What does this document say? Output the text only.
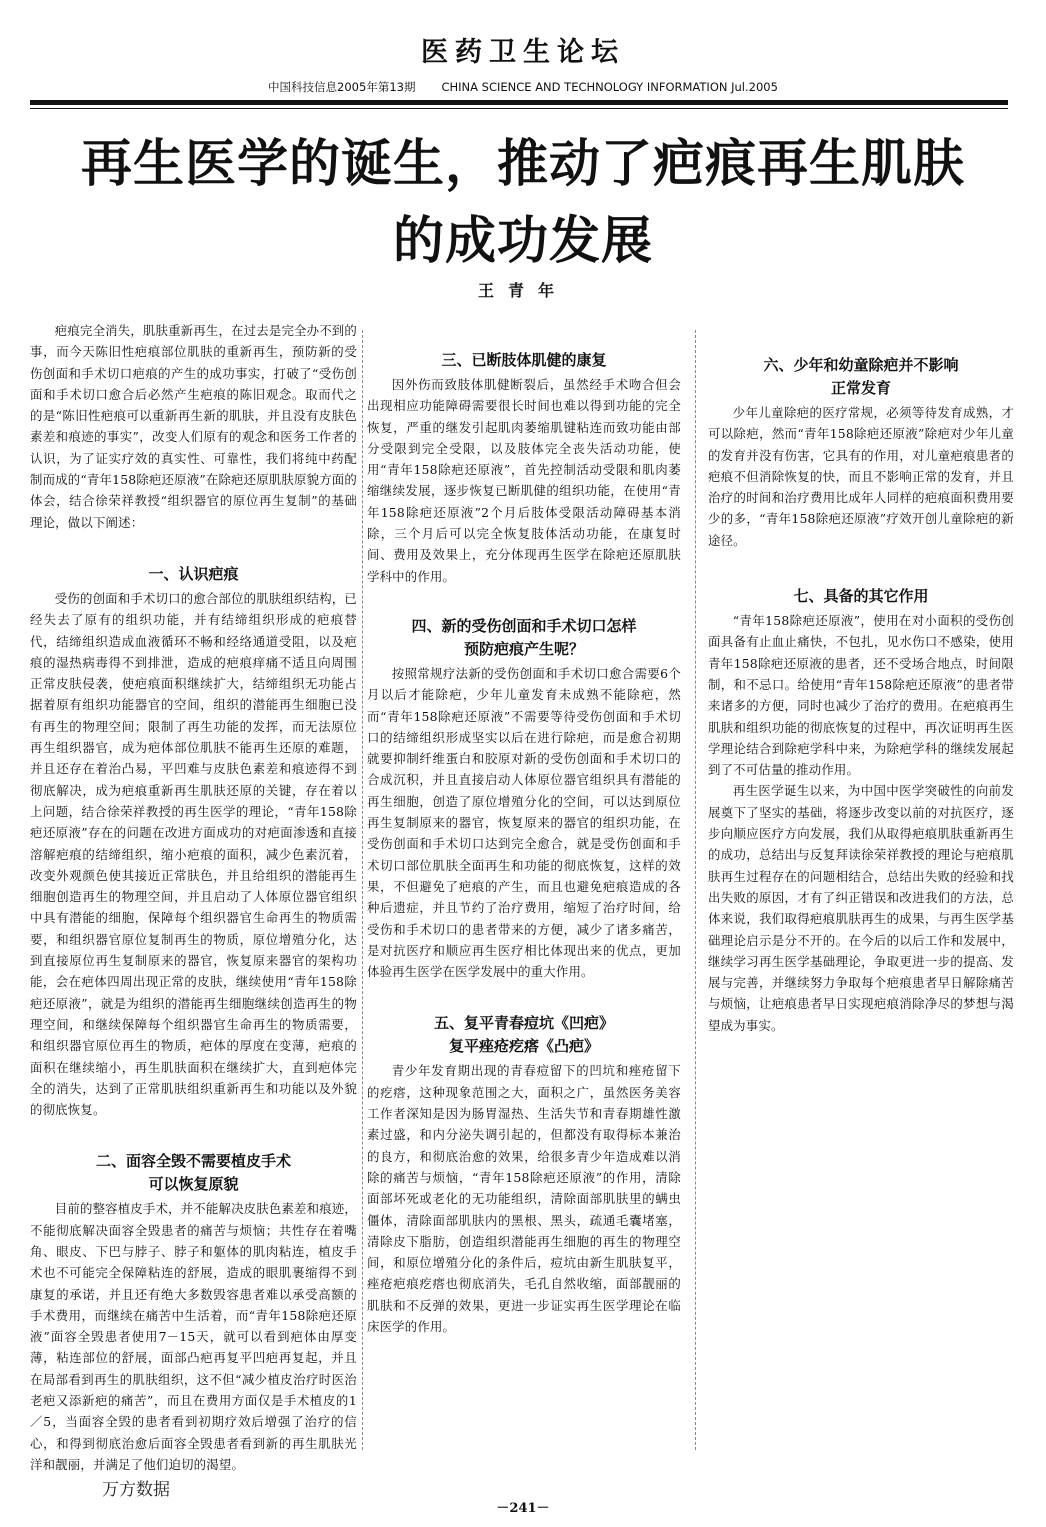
医药卫生论坛
中国科技信息2005年第13期 CHINA SCIENCE AND TECHNOLOGY INFORMATION Jul.2005
再生医学的诞生，推动了疤痕再生肌肤
的成功发展
王青年

疤痕完全消失，肌肤重新再生，在过去是完全办不到的事，而今天陈旧性疤痕部位肌肤的重新再生，预防新的受伤创面和手术切口疤痕的产生的成功事实，打破了“受伤创面和手术切口愈合后必然产生疤痕的陈旧观念。取而代之的是“陈旧性疤痕可以重新再生新的肌肤，并且没有皮肤色素差和痕迹的事实”，改变人们原有的观念和医务工作者的认识，为了证实疗效的真实性、可靠性，我们将纯中药配制而成的“青年158除疤还原液”在除疤还原肌肤原貌方面的体会，结合徐荣祥教授“组织器官的原位再生复制”的基础理论，做以下阐述：

一、认识疤痕

受伤的创面和手术切口的愈合部位的肌肤组织结构，已经失去了原有的组织功能，并有结缔组织形成的疤痕替代，结缔组织造成血液循环不畅和经络通道受阻，以及疤痕的湿热病毒得不到排泄，造成的疤痕痒痛不适且向周围正常皮肤侵袭，使疤痕面积继续扩大，结缔组织无功能占据着原有组织功能器官的空间，组织的潜能再生细胞已没有再生的物理空间；限制了再生功能的发挥，而无法原位再生组织器官，成为疤体部位肌肤不能再生还原的难题，并且还存在着治凸易，平凹难与皮肤色素差和痕迹得不到彻底解决，成为疤痕重新再生肌肤还原的关键，存在着以上问题，结合徐荣祥教授的再生医学的理论，“青年158除疤还原液”存在的问题在改进方面成功的对疤面渗透和直接溶解疤痕的结缔组织，缩小疤痕的面积，减少色素沉着，改变外观颜色使其接近正常肤色，并且给组织的潜能再生细胞创造再生的物理空间，并且启动了人体原位器官组织中具有潜能的细胞，保障每个组织器官生命再生的物质需要，和组织器官原位复制再生的物质，原位增殖分化，达到直接原位再生复制原来的器官，恢复原来器官的架构功能，会在疤体四周出现正常的皮肤，继续使用“青年158除疤还原液”，就是为组织的潜能再生细胞继续创造再生的物理空间，和继续保障每个组织器官生命再生的物质需要，和组织器官原位再生的物质，疤体的厚度在变薄，疤痕的面积在继续缩小，再生肌肤面积在继续扩大，直到疤体完全的消失，达到了正常肌肤组织重新再生和功能以及外貌的彻底恢复。

二、面容全毁不需要植皮手术
可以恢复原貌

目前的整容植皮手术，并不能解决皮肤色素差和痕迹，不能彻底解决面容全毁患者的痛苦与烦恼；共性存在着嘴角、眼皮、下巴与脖子、脖子和躯体的肌肉粘连，植皮手术也不可能完全保障粘连的舒展，造成的眼肌裹缩得不到康复的承诺，并且还有绝大多数毁容患者难以承受高额的手术费用，而继续在痛苦中生活着，而“青年158除疤还原液”面容全毁患者使用7－15天，就可以看到疤体由厚变薄，粘连部位的舒展，面部凸疤再复平凹疤再复起，并且在局部看到再生的肌肤组织，这不但“减少植皮治疗时医治老疤又添新疤的痛苦”，而且在费用方面仅是手术植皮的1／5，当面容全毁的患者看到初期疗效后增强了治疗的信心，和得到彻底治愈后面容全毁患者看到新的再生肌肤光洋和靓丽，并满足了他们迫切的渴望。

三、已断肢体肌健的康复

因外伤而致肢体肌健断裂后，虽然经手术吻合但会出现相应功能障碍需要很长时间也难以得到功能的完全恢复，严重的继发引起肌肉萎缩肌键粘连而致功能由部分受限到完全受限，以及肢体完全丧失活动功能，使用“青年158除疤还原液”，首先控制活动受限和肌肉萎缩继续发展，逐步恢复已断肌健的组织功能，在使用“青年158除疤还原液”2个月后肢体受限活动障碍基本消除，三个月后可以完全恢复肢体活动功能，在康复时间、费用及效果上，充分体现再生医学在除疤还原肌肤学科中的作用。

四、新的受伤创面和手术切口怎样
预防疤痕产生呢？

按照常规疗法新的受伤创面和手术切口愈合需要6个月以后才能除疤，少年儿童发育未成熟不能除疤，然而“青年158除疤还原液”不需要等待受伤创面和手术切口的结缔组织形成坚实以后在进行除疤，而是愈合初期就要抑制纤维蛋白和胶原对新的受伤创面和手术切口的合成沉积，并且直接启动人体原位器官组织具有潜能的再生细胞，创造了原位增殖分化的空间，可以达到原位再生复制原来的器官，恢复原来的器官的组织功能，在受伤创面和手术切口达到完全愈合，就是受伤创面和手术切口部位肌肤全面再生和功能的彻底恢复，这样的效果，不但避免了疤痕的产生，而且也避免疤痕造成的各种后遗症，并且节约了治疗费用，缩短了治疗时间，给受伤和手术切口的患者带来的方便，减少了诸多痛苦，是对抗医疗和顺应再生医疗相比体现出来的优点，更加体验再生医学在医学发展中的重大作用。

五、复平青春痘坑《凹疤》
复平痤疮疙瘩《凸疤》

青少年发育期出现的青春痘留下的凹坑和痤疮留下的疙瘩，这种现象范围之大，面积之广，虽然医务美容工作者深知是因为肠胃湿热、生活失节和青春期雄性激素过盛，和内分泌失调引起的，但都没有取得标本兼治的良方，和彻底治愈的效果，给很多青少年造成难以消除的痛苦与烦恼，“青年158除疤还原液”的作用，清除面部坏死或老化的无功能组织，清除面部肌肤里的螨虫僵体，清除面部肌肤内的黑根、黑头，疏通毛囊堵塞，清除皮下脂肪，创造组织潜能再生细胞的再生的物理空间，和原位增殖分化的条件后，痘坑由新生肌肤复平，痤疮疤痕疙瘩也彻底消失，毛孔自然收缩，面部靓丽的肌肤和不反弹的效果，更进一步证实再生医学理论在临床医学的作用。

六、少年和幼童除疤并不影响
正常发育

少年儿童除疤的医疗常规，必须等待发育成熟，才可以除疤，然而“青年158除疤还原液”除疤对少年儿童的发育并没有伤害，它具有的作用，对儿童疤痕患者的疤痕不但消除恢复的快，而且不影响正常的发育，并且治疗的时间和治疗费用比成年人同样的疤痕面积费用要少的多，“青年158除疤还原液”疗效开创儿童除疤的新途径。

七、具备的其它作用

“青年158除疤还原液”，使用在对小面积的受伤创面具备有止血止痛快，不包扎，见水伤口不感染，使用青年158除疤还原液的患者，还不受场合地点，时间限制，和不忌口。给使用“青年158除疤还原液”的患者带来诸多的方便，同时也减少了治疗的费用。在疤痕再生肌肤和组织功能的彻底恢复的过程中，再次证明再生医学理论结合到除疤学科中来，为除疤学科的继续发展起到了不可估量的推动作用。

再生医学诞生以来，为中国中医学突破性的向前发展奠下了坚实的基础，将逐步改变以前的对抗医疗，逐步向顺应医疗方向发展，我们从取得疤痕肌肤重新再生的成功，总结出与反复拜读徐荣祥教授的理论与疤痕肌肤再生过程存在的问题相结合，总结出失败的经验和找出失败的原因，才有了纠正错误和改进我们的方法，总体来说，我们取得疤痕肌肤再生的成果，与再生医学基础理论启示是分不开的。在今后的以后工作和发展中，继续学习再生医学基础理论，争取更进一步的提高、发展与完善，并继续努力争取每个疤痕患者早日解除痛苦与烦恼，让疤痕患者早日实现疤痕消除净尽的梦想与渴望成为事实。

万方数据
－241－
